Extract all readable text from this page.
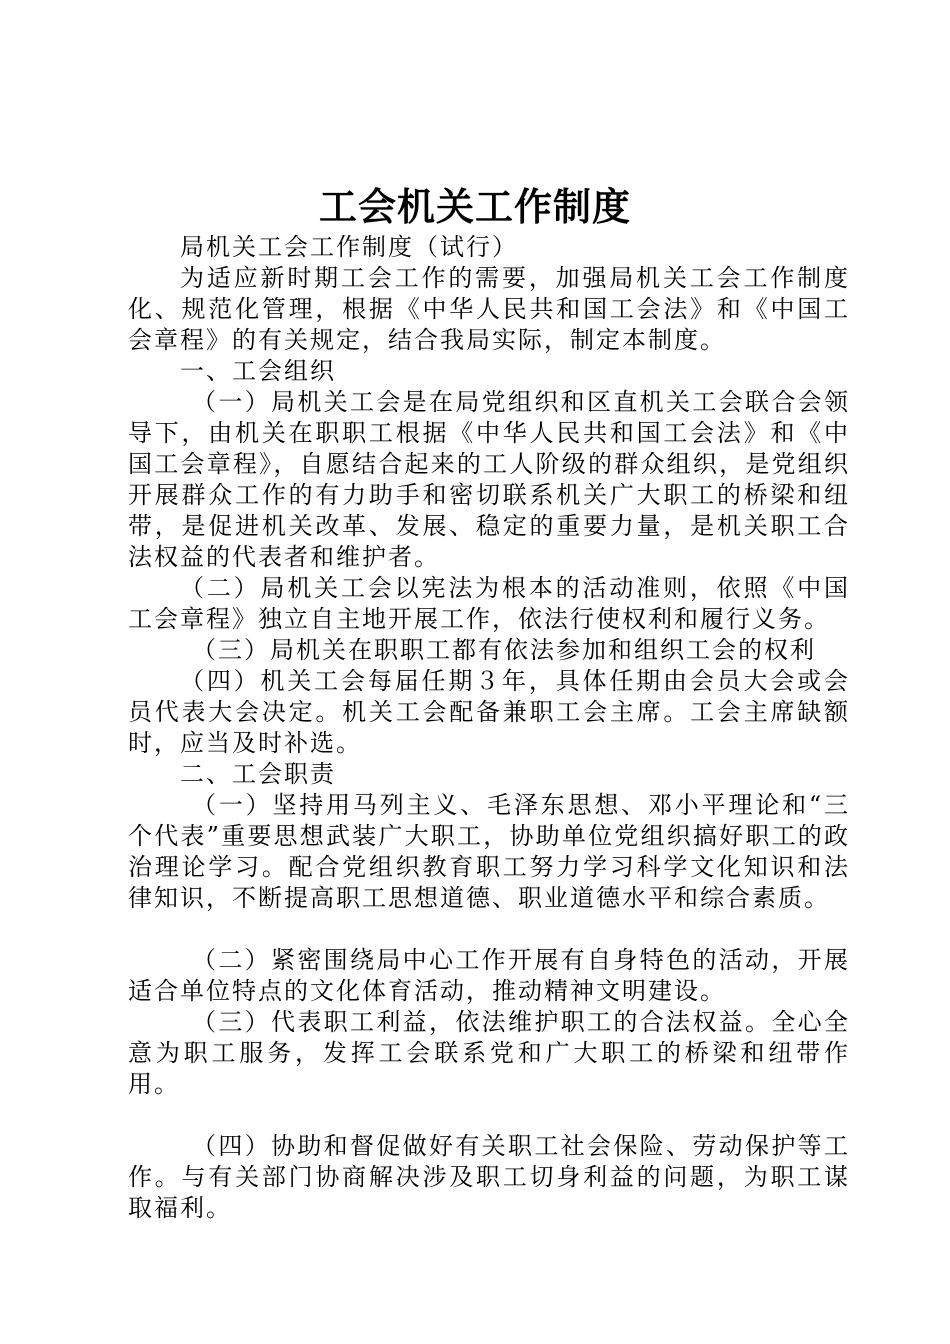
工会机关工作制度

局机关工会工作制度（试行）

为适应新时期工会工作的需要，加强局机关工会工作制度化、规范化管理，根据《中华人民共和国工会法》和《中国工会章程》的有关规定，结合我局实际，制定本制度。

一、工会组织

（一）局机关工会是在局党组织和区直机关工会联合会领导下，由机关在职职工根据《中华人民共和国工会法》和《中国工会章程》，自愿结合起来的工人阶级的群众组织，是党组织开展群众工作的有力助手和密切联系机关广大职工的桥梁和纽带，是促进机关改革、发展、稳定的重要力量，是机关职工合法权益的代表者和维护者。

（二）局机关工会以宪法为根本的活动准则，依照《中国工会章程》独立自主地开展工作，依法行使权利和履行义务。

（三）局机关在职职工都有依法参加和组织工会的权利

（四）机关工会每届任期３年，具体任期由会员大会或会员代表大会决定。机关工会配备兼职工会主席。工会主席缺额时，应当及时补选。

二、工会职责

（一）坚持用马列主义、毛泽东思想、邓小平理论和“三个代表”重要思想武装广大职工，协助单位党组织搞好职工的政治理论学习。配合党组织教育职工努力学习科学文化知识和法律知识，不断提高职工思想道德、职业道德水平和综合素质。

（二）紧密围绕局中心工作开展有自身特色的活动，开展适合单位特点的文化体育活动，推动精神文明建设。

（三）代表职工利益，依法维护职工的合法权益。全心全意为职工服务，发挥工会联系党和广大职工的桥梁和纽带作用。

（四）协助和督促做好有关职工社会保险、劳动保护等工作。与有关部门协商解决涉及职工切身利益的问题，为职工谋取福利。
